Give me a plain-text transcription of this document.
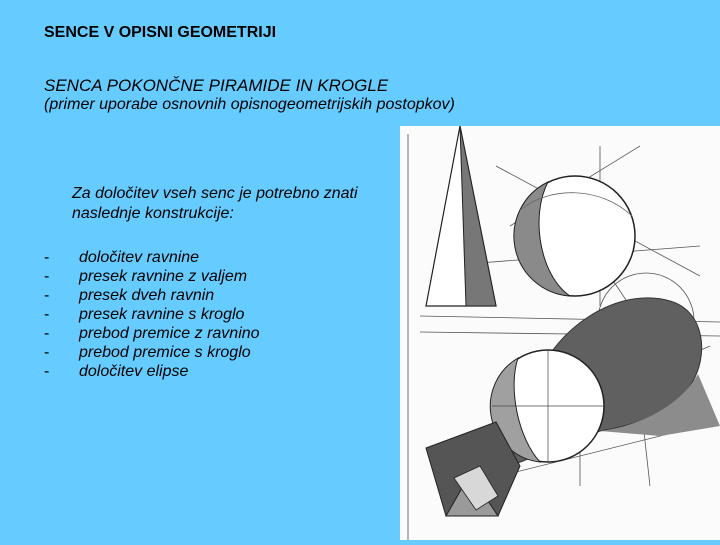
SENCE V OPISNI GEOMETRIJI
SENCA POKONČNE PIRAMIDE IN KROGLE
(primer uporabe osnovnih opisnogeometrijskih postopkov)
Za določitev vseh senc je potrebno znati naslednje konstrukcije:
- določitev ravnine
- presek ravnine z valjem
- presek dveh ravnin
- presek ravnine s kroglo
- prebod premice z ravnino
- prebod premice s kroglo
- določitev elipse
